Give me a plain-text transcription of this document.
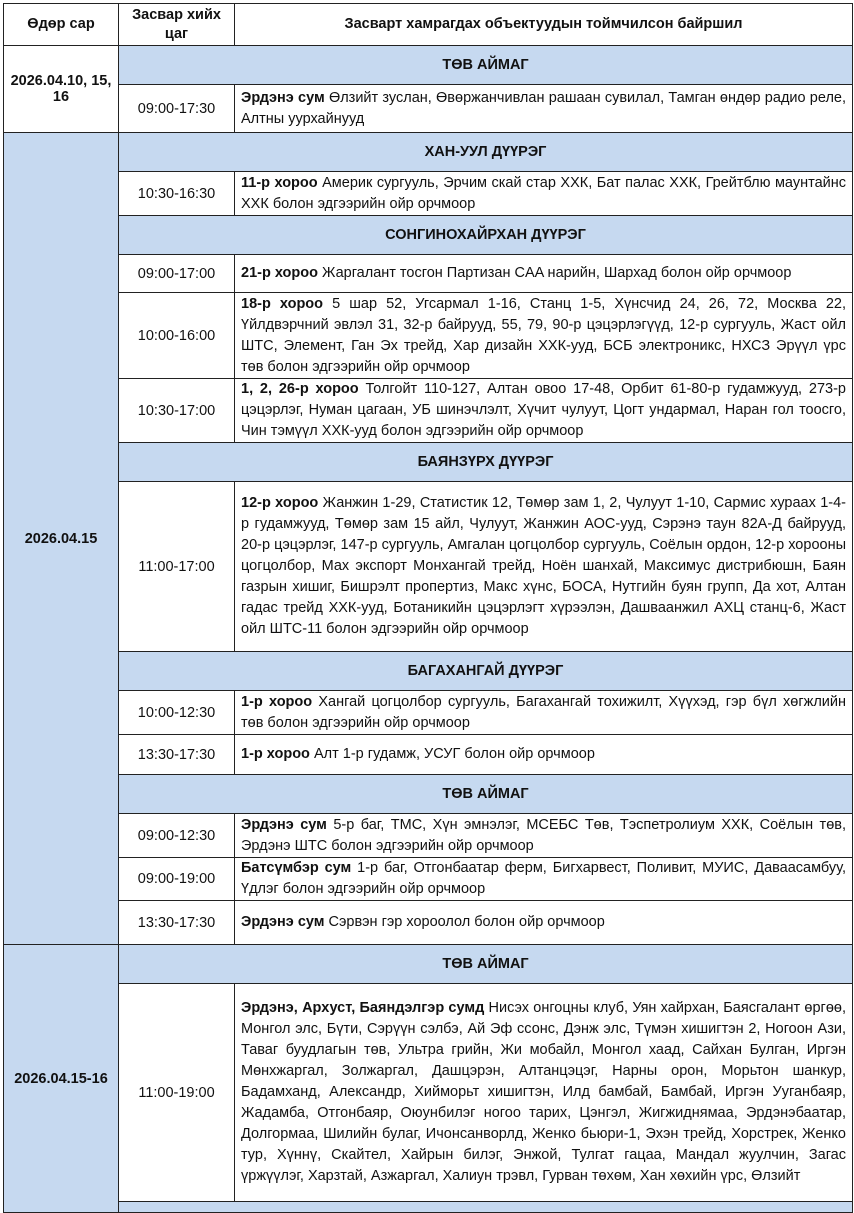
Өдөр сар	Засвар хийх цаг	Засварт хамрагдах объектуудын тоймчилсон байршил
2026.04.10, 15, 16	ТӨВ АЙМАГ	
	09:00-17:30	Эрдэнэ сум Өлзийт зуслан, Өвөржанчивлан рашаан сувилал, Тамган өндөр радио реле, Алтны уурхайнууд
2026.04.15	ХАН-УУЛ ДҮҮРЭГ	
	10:30-16:30	11-р хороо Америк сургууль, Эрчим скай стар ХХК, Бат палас ХХК, Грейтблю маунтайнс ХХК болон эдгээрийн ойр орчмоор
	СОНГИНОХАЙРХАН ДҮҮРЭГ	
	09:00-17:00	21-р хороо Жаргалант тосгон Партизан СAA нарийн, Шархад болон ойр орчмоор
	10:00-16:00	18-р хороо 5 шар 52, Угсармал 1-16, Станц 1-5, Хүнсчид 24, 26, 72, Москва 22, Үйлдвэрчний эвлэл 31, 32-р байрууд, 55, 79, 90-р цэцэрлэгүүд, 12-р сургууль, Жаст ойл ШТС, Элемент, Ган Эх трейд, Хар дизайн ХХК-ууд, БСБ электроникс, НХСЗ Эрүүл үрс төв болон эдгээрийн ойр орчмоор
	10:30-17:00	1, 2, 26-р хороо Толгойт 110-127, Алтан овоо 17-48, Орбит 61-80-р гудамжууд, 273-р цэцэрлэг, Нуман цагаан, УБ шинэчлэлт, Хүчит чулуут, Цогт ундармал, Наран гол тоосго, Чин тэмүүл ХХК-ууд болон эдгээрийн ойр орчмоор
	БАЯНЗҮРХ ДҮҮРЭГ	
	11:00-17:00	12-р хороо Жанжин 1-29, Статистик 12, Төмөр зам 1, 2, Чулуут 1-10, Сармис хураах 1-4-р гудамжууд, Төмөр зам 15 айл, Чулуут, Жанжин АОС-ууд, Сэрэнэ таун 82А-Д байрууд, 20-р цэцэрлэг, 147-р сургууль, Амгалан цогцолбор сургууль, Соёлын ордон, 12-р хорооны цогцолбор, Мах экспорт Монхангай трейд, Ноён шанхай, Максимус дистрибюшн, Баян газрын хишиг, Бишрэлт пропертиз, Макс хүнс, БОСА, Нутгийн буян групп, Да хот, Алтан гадас трейд ХХК-ууд, Ботаникийн цэцэрлэгт хүрээлэн, Дашваанжил АХЦ станц-6, Жаст ойл ШТС-11 болон эдгээрийн ойр орчмоор
	БАГАХАНГАЙ ДҮҮРЭГ	
	10:00-12:30	1-р хороо Хангай цогцолбор сургууль, Багахангай тохижилт, Хүүхэд, гэр бүл хөгжлийн төв болон эдгээрийн ойр орчмоор
	13:30-17:30	1-р хороо Алт 1-р гудамж, УСУГ болон ойр орчмоор
	ТӨВ АЙМАГ	
	09:00-12:30	Эрдэнэ сум 5-р баг, ТМС, Хүн эмнэлэг, МСЕБС Төв, Тэспетролиум ХХК, Соёлын төв, Эрдэнэ ШТС болон эдгээрийн ойр орчмоор
	09:00-19:00	Батсүмбэр сум 1-р баг, Отгонбаатар ферм, Бигхарвест, Поливит, МУИС, Даваасамбуу, Үдлэг болон эдгээрийн ойр орчмоор
	13:30-17:30	Эрдэнэ сум Сэрвэн гэр хороолол болон ойр орчмоор
2026.04.15-16	ТӨВ АЙМАГ	
	11:00-19:00	Эрдэнэ, Архуст, Баяндэлгэр сумд Нисэх онгоцны клуб, Уян хайрхан, Баясгалант өргөө, Монгол элс, Бүти, Сэрүүн сэлбэ, Ай Эф ссонс, Дэнж элс, Түмэн хишигтэн 2, Ногоон Ази, Таваг буудлагын төв, Ультра грийн, Жи мобайл, Монгол хаад, Сайхан Булган, Иргэн Мөнхжаргал, Золжаргал, Дашцэрэн, Алтанцэцэг, Нарны орон, Морьтон шанкур, Бадамханд, Александр, Хийморьт хишигтэн, Илд бамбай, Бамбай, Иргэн Ууганбаяр, Жадамба, Отгонбаяр, Оюунбилэг ногоо тарих, Цэнгэл, Жигжиднямаа, Эрдэнэбаатар, Долгормаа, Шилийн булаг, Ичонсанворлд, Женко бьюри-1, Эхэн трейд, Хорстрек, Женко тур, Хүннү, Скайтел, Хайрын билэг, Энжой, Тулгат гацаа, Мандал жуулчин, Загас үржүүлэг, Харзтай, Азжаргал, Халиун трэвл, Гурван төхөм, Хан хөхийн үрс, Өлзийт
